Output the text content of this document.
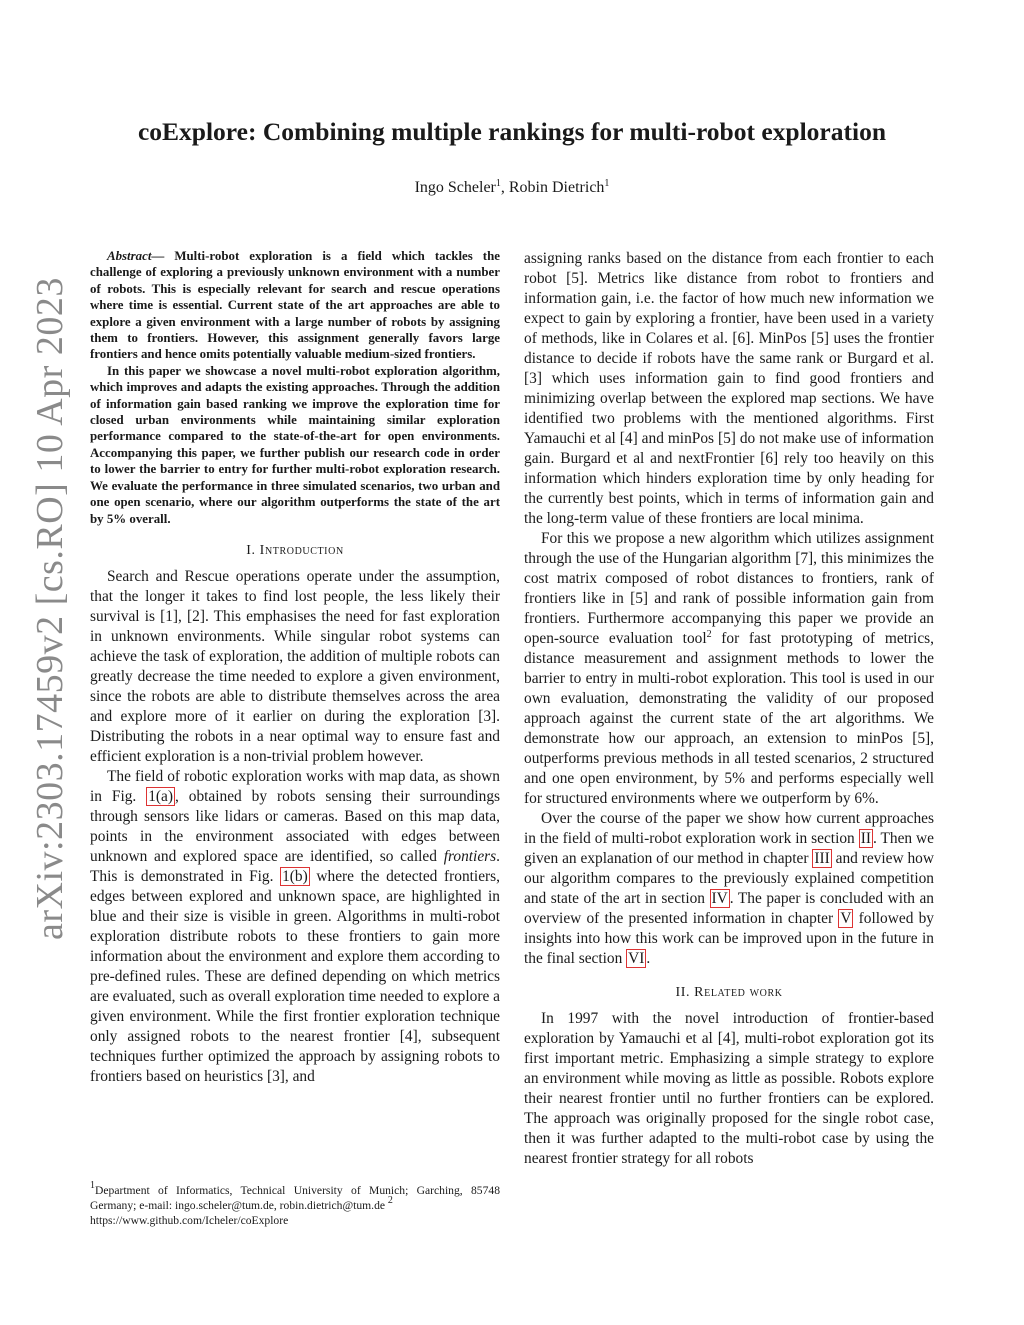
arXiv:2303.17459v2 [cs.RO] 10 Apr 2023
coExplore: Combining multiple rankings for multi-robot exploration
Ingo Scheler$^1$, Robin Dietrich$^1$

Abstract— Multi-robot exploration is a field which tackles the challenge of exploring a previously unknown environment with a number of robots. This is especially relevant for search and rescue operations where time is essential. Current state of the art approaches are able to explore a given environment with a large number of robots by assigning them to frontiers. However, this assignment generally favors large frontiers and hence omits potentially valuable medium-sized frontiers.

In this paper we showcase a novel multi-robot exploration algorithm, which improves and adapts the existing approaches. Through the addition of information gain based ranking we improve the exploration time for closed urban environments while maintaining similar exploration performance compared to the state-of-the-art for open environments. Accompanying this paper, we further publish our research code in order to lower the barrier to entry for further multi-robot exploration research. We evaluate the performance in three simulated scenarios, two urban and one open scenario, where our algorithm outperforms the state of the art by 5% overall.

I. Introduction

Search and Rescue operations operate under the assumption, that the longer it takes to find lost people, the less likely their survival is [1], [2]. This emphasises the need for fast exploration in unknown environments. While singular robot systems can achieve the task of exploration, the addition of multiple robots can greatly decrease the time needed to explore a given environment, since the robots are able to distribute themselves across the area and explore more of it earlier on during the exploration [3]. Distributing the robots in a near optimal way to ensure fast and efficient exploration is a non-trivial problem however.

The field of robotic exploration works with map data, as shown in Fig. 1(a) , obtained by robots sensing their surroundings through sensors like lidars or cameras. Based on this map data, points in the environment associated with edges between unknown and explored space are identified, so called frontiers. This is demonstrated in Fig. 1(b) where the detected frontiers, edges between explored and unknown space, are highlighted in blue and their size is visible in green. Algorithms in multi-robot exploration distribute robots to these frontiers to gain more information about the environment and explore them according to pre-defined rules. These are defined depending on which metrics are evaluated, such as overall exploration time needed to explore a given environment. While the first frontier exploration technique only assigned robots to the nearest frontier [4], subsequent techniques further optimized the approach by assigning robots to frontiers based on heuristics [3], and

$^1$Department of Informatics, Technical University of Munich; Garching, 85748 Germany; e-mail: ingo.scheler@tum.de, robin.dietrich@tum.de $^2$

https://www.github.com/Icheler/coExplore

assigning ranks based on the distance from each frontier to each robot [5]. Metrics like distance from robot to frontiers and information gain, i.e. the factor of how much new information we expect to gain by exploring a frontier, have been used in a variety of methods, like in Colares et al. [6]. MinPos [5] uses the frontier distance to decide if robots have the same rank or Burgard et al. [3] which uses information gain to find good frontiers and minimizing overlap between the explored map sections. We have identified two problems with the mentioned algorithms. First Yamauchi et al [4] and minPos [5] do not make use of information gain. Burgard et al and nextFrontier [6] rely too heavily on this information which hinders exploration time by only heading for the currently best points, which in terms of information gain and the long-term value of these frontiers are local minima.

For this we propose a new algorithm which utilizes assignment through the use of the Hungarian algorithm [7], this minimizes the cost matrix composed of robot distances to frontiers, rank of frontiers like in [5] and rank of possible information gain from frontiers. Furthermore accompanying this paper we provide an open-source evaluation tool$^2$ for fast prototyping of metrics, distance measurement and assignment methods to lower the barrier to entry in multi-robot exploration. This tool is used in our own evaluation, demonstrating the validity of our proposed approach against the current state of the art algorithms. We demonstrate how our approach, an extension to minPos [5], outperforms previous methods in all tested scenarios, 2 structured and one open environment, by 5% and performs especially well for structured environments where we outperform by 6%.

Over the course of the paper we show how current approaches in the field of multi-robot exploration work in section II . Then we given an explanation of our method in chapter III and review how our algorithm compares to the previously explained competition and state of the art in section IV . The paper is concluded with an overview of the presented information in chapter V followed by insights into how this work can be improved upon in the future in the final section VI .

II. Related work

In 1997 with the novel introduction of frontier-based exploration by Yamauchi et al [4], multi-robot exploration got its first important metric. Emphasizing a simple strategy to explore an environment while moving as little as possible. Robots explore their nearest frontier until no further frontiers can be explored. The approach was originally proposed for the single robot case, then it was further adapted to the multi-robot case by using the nearest frontier strategy for all robots
